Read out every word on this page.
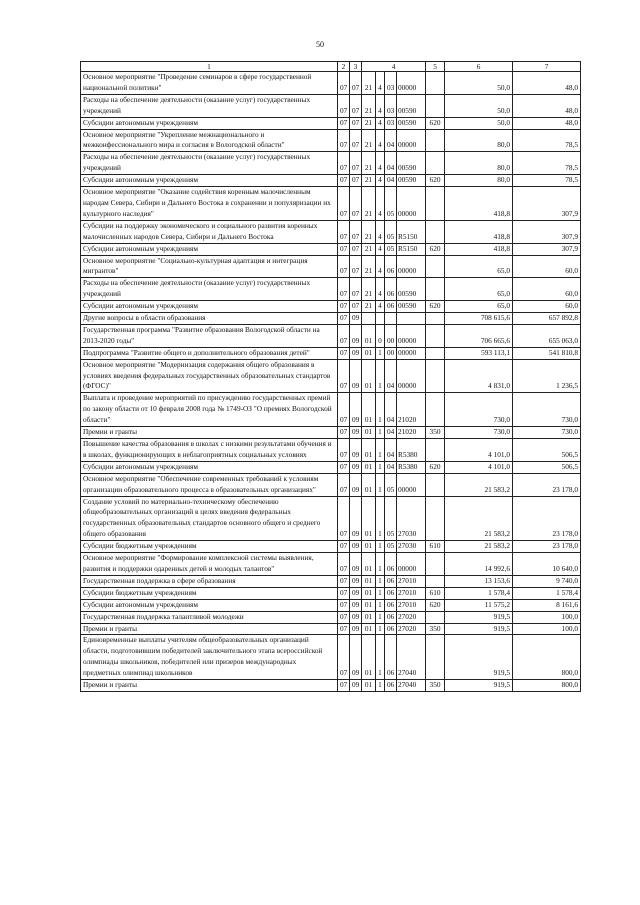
50
1	2	3	4				5	6	7
Основное мероприятие "Проведение семинаров в сфере государственной национальной политики"	07	07	21	4	03	00000		50,0	48,0
Расходы на обеспечение деятельности (оказание услуг) государственных учреждений	07	07	21	4	03	00590		50,0	48,0
Субсидии автономным учреждениям	07	07	21	4	03	00590	620	50,0	48,0
Основное мероприятие "Укрепление межнационального и межконфессионального мира и согласия в Вологодской области"	07	07	21	4	04	00000		80,0	78,5
Расходы на обеспечение деятельности (оказание услуг) государственных учреждений	07	07	21	4	04	00590		80,0	78,5
Субсидии автономным учреждениям	07	07	21	4	04	00590	620	80,0	78,5
Основное мероприятие "Оказание содействия коренным малочисленным народам Севера, Сибири и Дальнего Востока в сохранении и популяризации их культурного наследия"	07	07	21	4	05	00000		418,8	307,9
Субсидии на поддержку экономического и социального развития коренных малочисленных народов Севера, Сибири и Дальнего Востока	07	07	21	4	05	R5150		418,8	307,9
Субсидии автономным учреждениям	07	07	21	4	05	R5150	620	418,8	307,9
Основное мероприятие "Социально-культурная адаптация и интеграция мигрантов"	07	07	21	4	06	00000		65,0	60,0
Расходы на обеспечение деятельности (оказание услуг) государственных учреждений	07	07	21	4	06	00590		65,0	60,0
Субсидии автономным учреждениям	07	07	21	4	06	00590	620	65,0	60,0
Другие вопросы в области образования	07	09						708 615,6	657 892,8
Государственная программа "Развитие образования Вологодской области на 2013-2020 годы"	07	09	01	0	00	00000		706 665,6	655 063,0
Подпрограмма "Развитие общего и дополнительного образования детей"	07	09	01	1	00	00000		593 113,1	541 810,8
Основное мероприятие "Модернизация содержания общего образования в условиях введения федеральных государственных образовательных стандартов (ФГОС)"	07	09	01	1	04	00000		4 831,0	1 236,5
Выплата и проведение мероприятий по присуждению государственных премий по закону области от 10 февраля 2008 года № 1749-ОЗ "О премиях Вологодской области"	07	09	01	1	04	21020		730,0	730,0
Премии и гранты	07	09	01	1	04	21020	350	730,0	730,0
Повышение качества образования в школах с низкими результатами обучения и в школах, функционирующих в неблагоприятных социальных условиях	07	09	01	1	04	R5380		4 101,0	506,5
Субсидии автономным учреждениям	07	09	01	1	04	R5380	620	4 101,0	506,5
Основное мероприятие "Обеспечение современных требований к условиям организации образовательного процесса в образовательных организациях"	07	09	01	1	05	00000		21 583,2	23 178,0
Создание условий по материально-техническому обеспечению общеобразовательных организаций в целях введения федеральных государственных образовательных стандартов основного общего и среднего общего образования	07	09	01	1	05	27030		21 583,2	23 178,0
Субсидии бюджетным учреждениям	07	09	01	1	05	27030	610	21 583,2	23 178,0
Основное мероприятие "Формирование комплексной системы выявления, развития и поддержки одаренных детей и молодых талантов"	07	09	01	1	06	00000		14 992,6	10 640,0
Государственная поддержка в сфере образования	07	09	01	1	06	27010		13 153,6	9 740,0
Субсидии бюджетным учреждениям	07	09	01	1	06	27010	610	1 578,4	1 578,4
Субсидии автономным учреждениям	07	09	01	1	06	27010	620	11 575,2	8 161,6
Государственная поддержка талантливой молодежи	07	09	01	1	06	27020		919,5	100,0
Премии и гранты	07	09	01	1	06	27020	350	919,5	100,0
Единовременные выплаты учителям общеобразовательных организаций области, подготовившим победителей заключительного этапа всероссийской олимпиады школьников, победителей или призеров международных предметных олимпиад школьников	07	09	01	1	06	27040		919,5	800,0
Премии и гранты	07	09	01	1	06	27040	350	919,5	800,0
